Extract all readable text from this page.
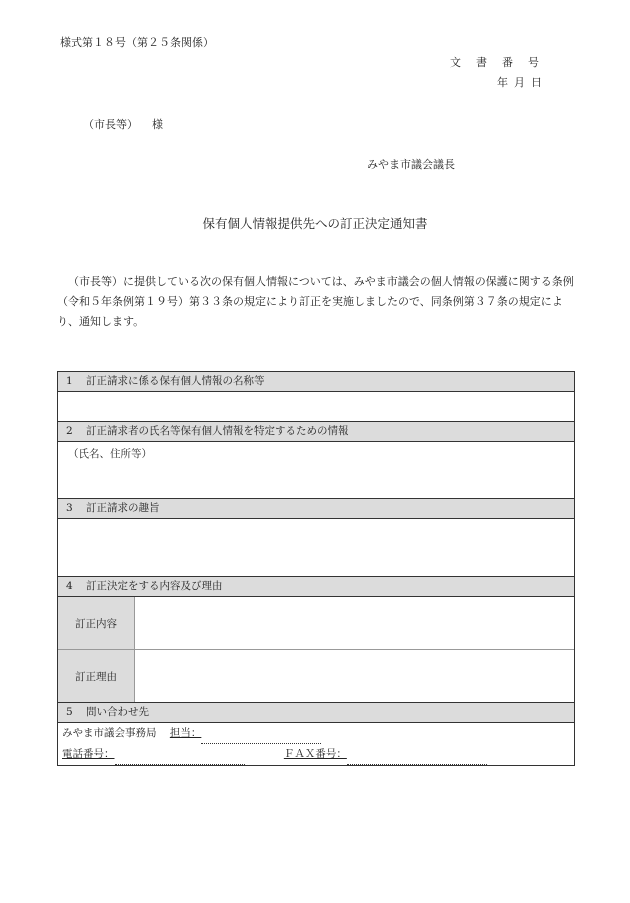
様式第１８号（第２５条関係）
文書番号
年月日
（市長等） 様
みやま市議会議長
保有個人情報提供先への訂正決定通知書
（市長等）に提供している次の保有個人情報については、みやま市議会の個人情報の保護に関する条例（令和５年条例第１９号）第３３条の規定により訂正を実施しましたので、同条例第３７条の規定により、通知します。
1 訂正請求に係る保有個人情報の名称等
2 訂正請求者の氏名等保有個人情報を特定するための情報
（氏名、住所等）
3 訂正請求の趣旨
4 訂正決定をする内容及び理由
訂正内容
訂正理由
5 問い合わせ先
みやま市議会事務局 担当：
電話番号：	ＦＡＸ番号：
